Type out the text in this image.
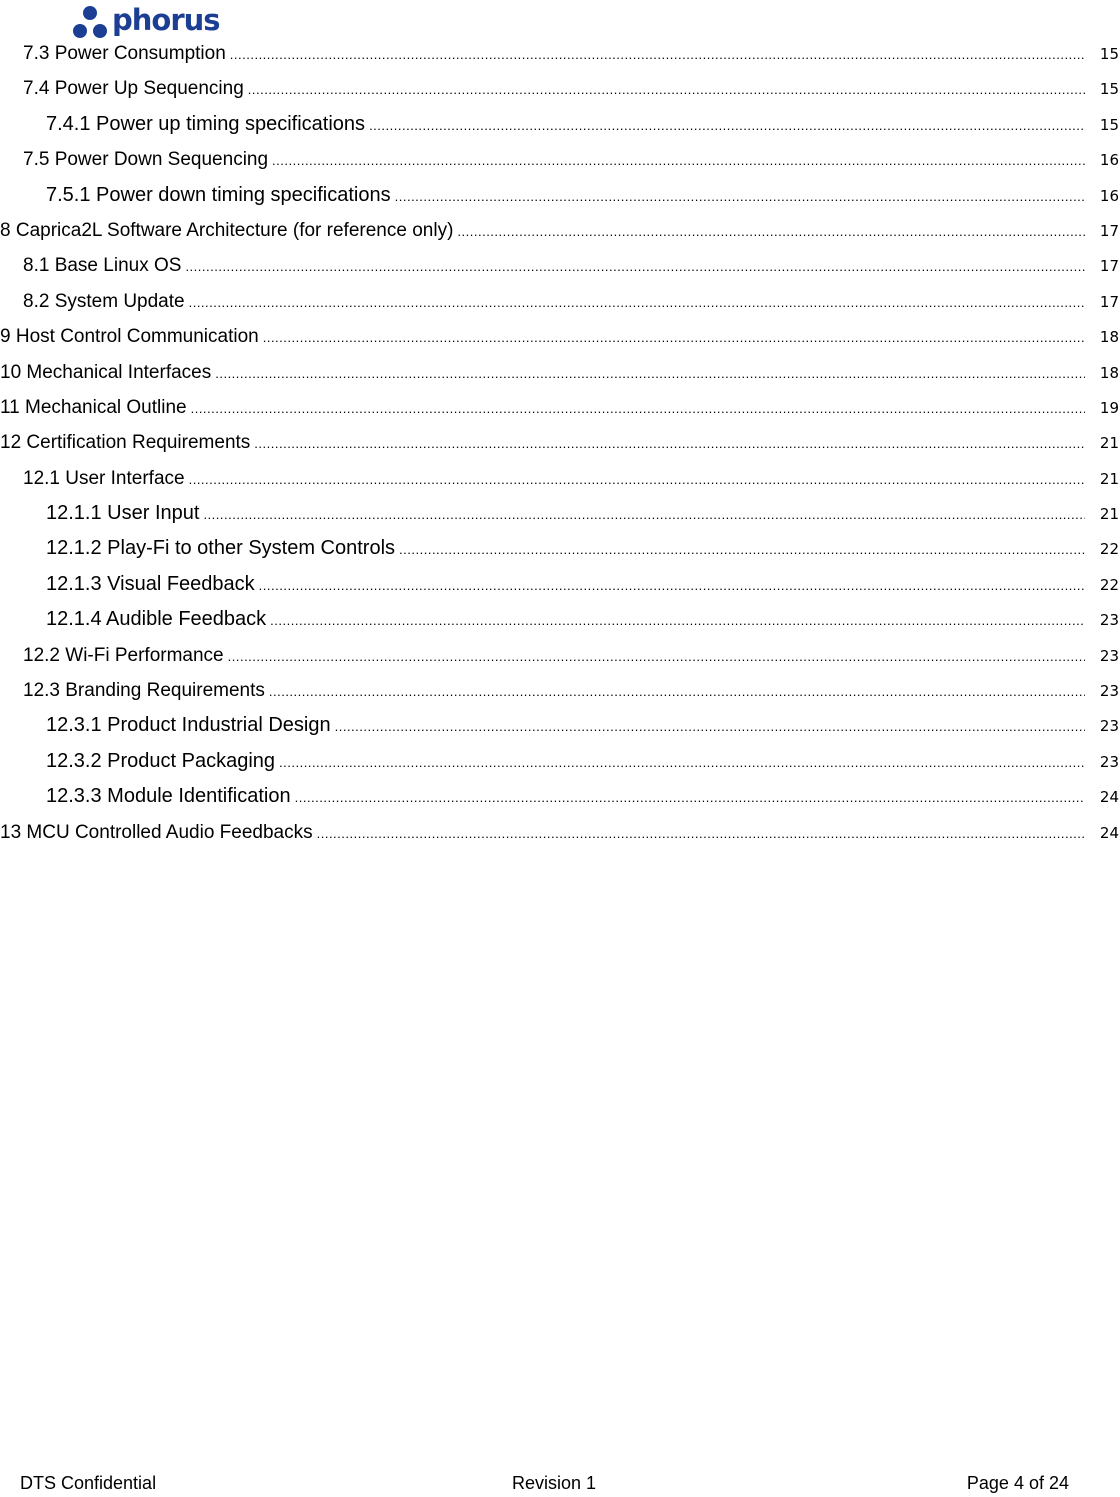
phorus
7.3 Power Consumption .....	15
7.4 Power Up Sequencing .....	15
7.4.1 Power up timing specifications .....	15
7.5 Power Down Sequencing .....	16
7.5.1 Power down timing specifications .....	16
8 Caprica2L Software Architecture (for reference only) .....	17
8.1 Base Linux OS .....	17
8.2 System Update .....	17
9 Host Control Communication .....	18
10 Mechanical Interfaces .....	18
11 Mechanical Outline .....	19
12 Certification Requirements .....	21
12.1 User Interface .....	21
12.1.1 User Input .....	21
12.1.2 Play-Fi to other System Controls .....	22
12.1.3 Visual Feedback .....	22
12.1.4 Audible Feedback .....	23
12.2 Wi-Fi Performance .....	23
12.3 Branding Requirements .....	23
12.3.1 Product Industrial Design .....	23
12.3.2 Product Packaging .....	23
12.3.3 Module Identification .....	24
13 MCU Controlled Audio Feedbacks .....	24
DTS Confidential	Revision 1	Page 4 of 24
